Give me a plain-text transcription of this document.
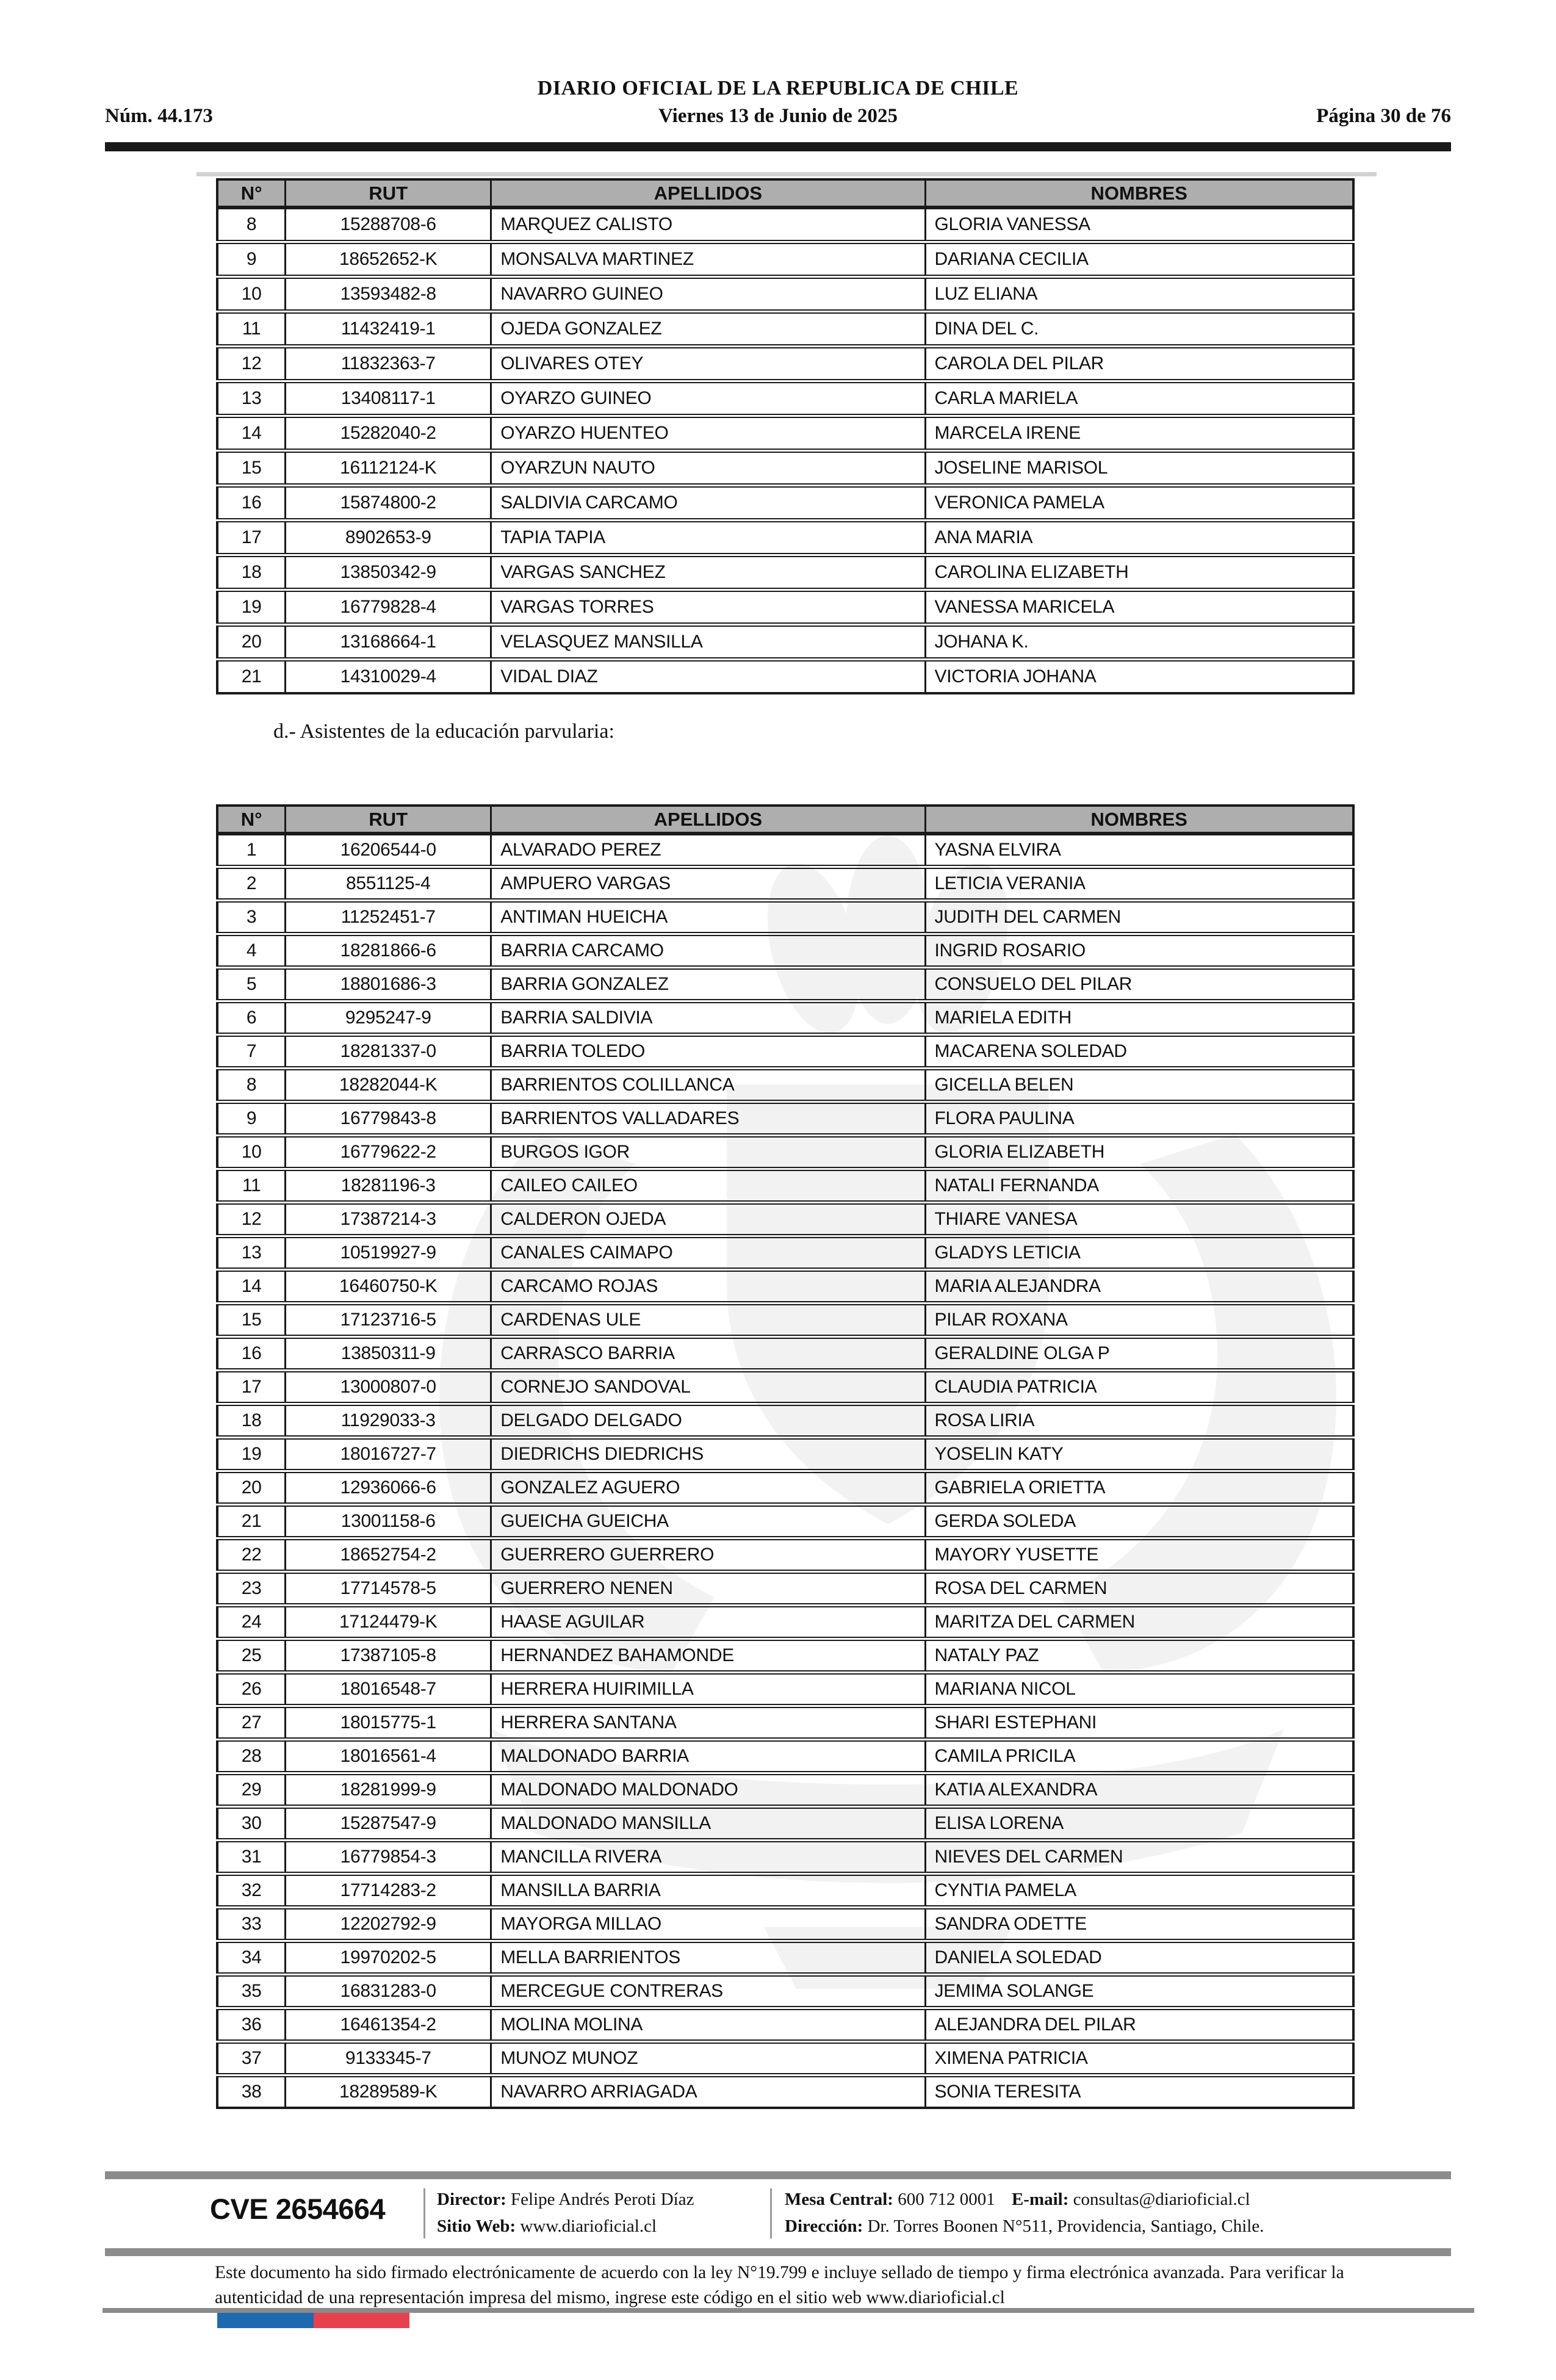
DIARIO OFICIAL DE LA REPUBLICA DE CHILE
Núm. 44.173	Viernes 13 de Junio de 2025	Página 30 de 76
N°	RUT	APELLIDOS	NOMBRES
8	15288708-6	MARQUEZ CALISTO	GLORIA VANESSA
9	18652652-K	MONSALVA MARTINEZ	DARIANA CECILIA
10	13593482-8	NAVARRO GUINEO	LUZ ELIANA
11	11432419-1	OJEDA GONZALEZ	DINA DEL C.
12	11832363-7	OLIVARES OTEY	CAROLA DEL PILAR
13	13408117-1	OYARZO GUINEO	CARLA MARIELA
14	15282040-2	OYARZO HUENTEO	MARCELA IRENE
15	16112124-K	OYARZUN NAUTO	JOSELINE MARISOL
16	15874800-2	SALDIVIA CARCAMO	VERONICA PAMELA
17	8902653-9	TAPIA TAPIA	ANA MARIA
18	13850342-9	VARGAS SANCHEZ	CAROLINA ELIZABETH
19	16779828-4	VARGAS TORRES	VANESSA MARICELA
20	13168664-1	VELASQUEZ MANSILLA	JOHANA K.
21	14310029-4	VIDAL DIAZ	VICTORIA JOHANA
d.- Asistentes de la educación parvularia:
N°	RUT	APELLIDOS	NOMBRES
1	16206544-0	ALVARADO PEREZ	YASNA ELVIRA
2	8551125-4	AMPUERO VARGAS	LETICIA VERANIA
3	11252451-7	ANTIMAN HUEICHA	JUDITH DEL CARMEN
4	18281866-6	BARRIA CARCAMO	INGRID ROSARIO
5	18801686-3	BARRIA GONZALEZ	CONSUELO DEL PILAR
6	9295247-9	BARRIA SALDIVIA	MARIELA EDITH
7	18281337-0	BARRIA TOLEDO	MACARENA SOLEDAD
8	18282044-K	BARRIENTOS COLILLANCA	GICELLA BELEN
9	16779843-8	BARRIENTOS VALLADARES	FLORA PAULINA
10	16779622-2	BURGOS IGOR	GLORIA ELIZABETH
11	18281196-3	CAILEO CAILEO	NATALI FERNANDA
12	17387214-3	CALDERON OJEDA	THIARE VANESA
13	10519927-9	CANALES CAIMAPO	GLADYS LETICIA
14	16460750-K	CARCAMO ROJAS	MARIA ALEJANDRA
15	17123716-5	CARDENAS ULE	PILAR ROXANA
16	13850311-9	CARRASCO BARRIA	GERALDINE OLGA P
17	13000807-0	CORNEJO SANDOVAL	CLAUDIA PATRICIA
18	11929033-3	DELGADO DELGADO	ROSA LIRIA
19	18016727-7	DIEDRICHS DIEDRICHS	YOSELIN KATY
20	12936066-6	GONZALEZ AGUERO	GABRIELA ORIETTA
21	13001158-6	GUEICHA GUEICHA	GERDA SOLEDA
22	18652754-2	GUERRERO GUERRERO	MAYORY YUSETTE
23	17714578-5	GUERRERO NENEN	ROSA DEL CARMEN
24	17124479-K	HAASE AGUILAR	MARITZA DEL CARMEN
25	17387105-8	HERNANDEZ BAHAMONDE	NATALY PAZ
26	18016548-7	HERRERA HUIRIMILLA	MARIANA NICOL
27	18015775-1	HERRERA SANTANA	SHARI ESTEPHANI
28	18016561-4	MALDONADO BARRIA	CAMILA PRICILA
29	18281999-9	MALDONADO MALDONADO	KATIA ALEXANDRA
30	15287547-9	MALDONADO MANSILLA	ELISA LORENA
31	16779854-3	MANCILLA RIVERA	NIEVES DEL CARMEN
32	17714283-2	MANSILLA BARRIA	CYNTIA PAMELA
33	12202792-9	MAYORGA MILLAO	SANDRA ODETTE
34	19970202-5	MELLA BARRIENTOS	DANIELA SOLEDAD
35	16831283-0	MERCEGUE CONTRERAS	JEMIMA SOLANGE
36	16461354-2	MOLINA MOLINA	ALEJANDRA DEL PILAR
37	9133345-7	MUNOZ MUNOZ	XIMENA PATRICIA
38	18289589-K	NAVARRO ARRIAGADA	SONIA TERESITA
CVE 2654664	Director: Felipe Andrés Peroti Díaz
Sitio Web: www.diarioficial.cl
Mesa Central: 600 712 0001 E-mail: consultas@diarioficial.cl
Dirección: Dr. Torres Boonen N°511, Providencia, Santiago, Chile.
Este documento ha sido firmado electrónicamente de acuerdo con la ley N°19.799 e incluye sellado de tiempo y firma electrónica avanzada. Para verificar la autenticidad de una representación impresa del mismo, ingrese este código en el sitio web www.diarioficial.cl
